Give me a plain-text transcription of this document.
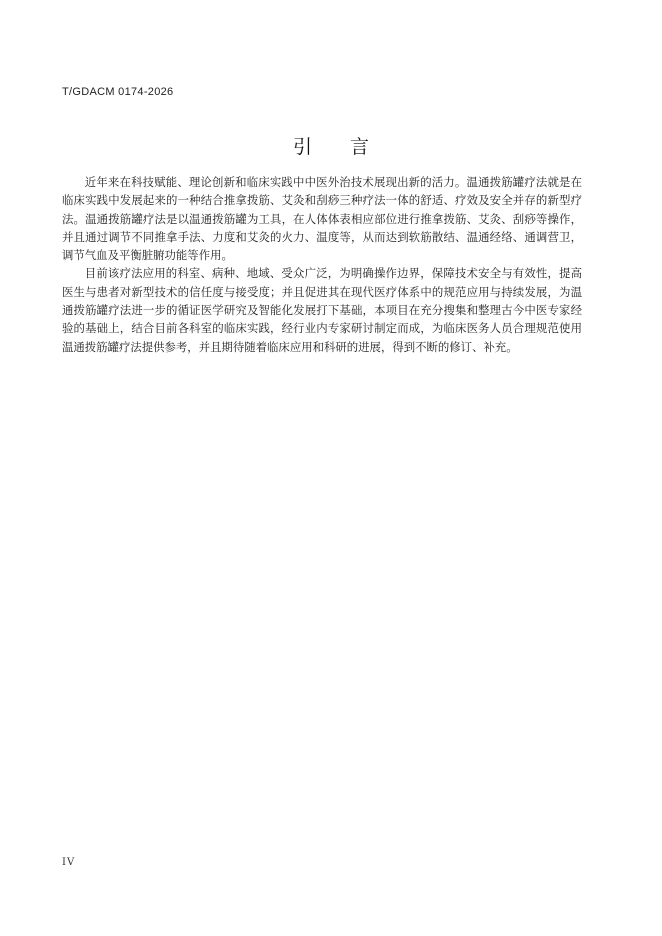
T/GDACM 0174-2026
引言

近年来在科技赋能、理论创新和临床实践中中医外治技术展现出新的活力。温通拨筋罐疗法就是在临床实践中发展起来的一种结合推拿拨筋、艾灸和刮痧三种疗法一体的舒适、疗效及安全并存的新型疗法。温通拨筋罐疗法是以温通拨筋罐为工具，在人体体表相应部位进行推拿拨筋、艾灸、刮痧等操作，并且通过调节不同推拿手法、力度和艾灸的火力、温度等，从而达到软筋散结、温通经络、通调营卫，调节气血及平衡脏腑功能等作用。

目前该疗法应用的科室、病种、地域、受众广泛，为明确操作边界，保障技术安全与有效性，提高医生与患者对新型技术的信任度与接受度；并且促进其在现代医疗体系中的规范应用与持续发展，为温通拨筋罐疗法进一步的循证医学研究及智能化发展打下基础，本项目在充分搜集和整理古今中医专家经验的基础上，结合目前各科室的临床实践，经行业内专家研讨制定而成，为临床医务人员合理规范使用温通拨筋罐疗法提供参考，并且期待随着临床应用和科研的进展，得到不断的修订、补充。

IV
